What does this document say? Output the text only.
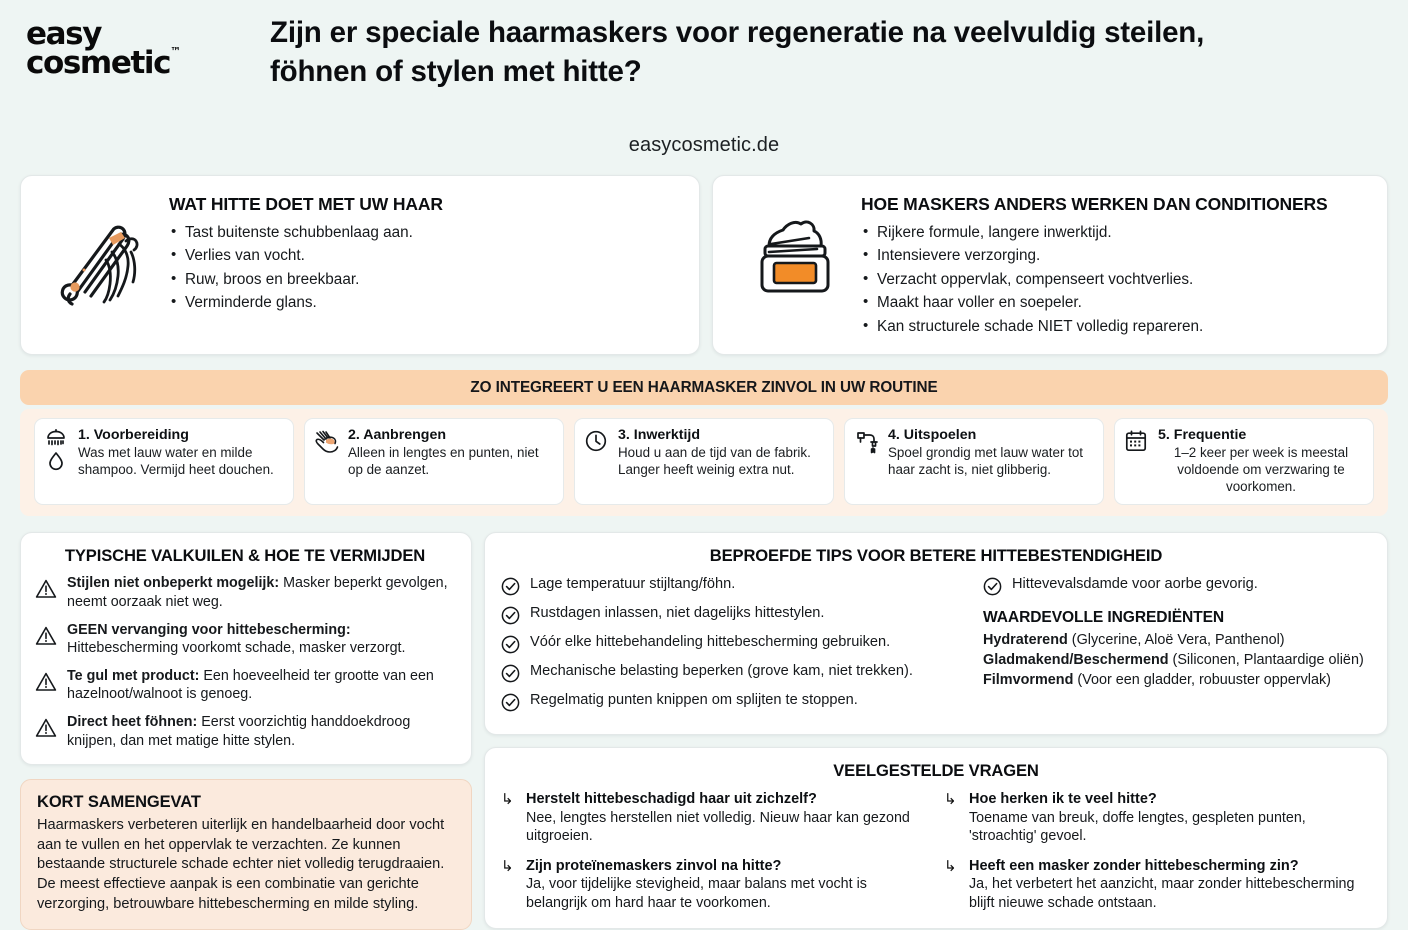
easy
cosmetic™
Zijn er speciale haarmaskers voor regeneratie na veelvuldig steilen, föhnen of stylen met hitte?
easycosmetic.de
WAT HITTE DOET MET UW HAAR
• Tast buitenste schubbenlaag aan.
• Verlies van vocht.
• Ruw, broos en breekbaar.
• Verminderde glans.
HOE MASKERS ANDERS WERKEN DAN CONDITIONERS
• Rijkere formule, langere inwerktijd.
• Intensievere verzorging.
• Verzacht oppervlak, compenseert vochtverlies.
• Maakt haar voller en soepeler.
• Kan structurele schade NIET volledig repareren.
ZO INTEGREERT U EEN HAARMASKER ZINVOL IN UW ROUTINE
1. Voorbereiding
Was met lauw water en milde shampoo. Vermijd heet douchen.
2. Aanbrengen
Alleen in lengtes en punten, niet op de aanzet.
3. Inwerktijd
Houd u aan de tijd van de fabrik. Langer heeft weinig extra nut.
4. Uitspoelen
Spoel grondig met lauw water tot haar zacht is, niet glibberig.
5. Frequentie
1–2 keer per week is meestal voldoende om verzwaring te voorkomen.
TYPISCHE VALKUILEN & HOE TE VERMIJDEN
Stijlen niet onbeperkt mogelijk: Masker beperkt gevolgen, neemt oorzaak niet weg.
GEEN vervanging voor hittebescherming: Hittebescherming voorkomt schade, masker verzorgt.
Te gul met product: Een hoeveelheid ter grootte van een hazelnoot/walnoot is genoeg.
Direct heet föhnen: Eerst voorzichtig handdoekdroog knijpen, dan met matige hitte stylen.
KORT SAMENGEVAT

Haarmaskers verbeteren uiterlijk en handelbaarheid door vocht aan te vullen en het oppervlak te verzachten. Ze kunnen bestaande structurele schade echter niet volledig terugdraaien. De meest effectieve aanpak is een combinatie van gerichte verzorging, betrouwbare hittebescherming en milde styling.

BEPROEFDE TIPS VOOR BETERE HITTEBESTENDIGHEID
Lage temperatuur stijltang/föhn.
Rustdagen inlassen, niet dagelijks hittestylen.
Vóór elke hittebehandeling hittebescherming gebruiken.
Mechanische belasting beperken (grove kam, niet trekken).
Regelmatig punten knippen om splijten te stoppen.
Hittevevalsdamde voor aorbe gevorig.
WAARDEVOLLE INGREDIËNTEN
Hydraterend (Glycerine, Aloë Vera, Panthenol)
Gladmakend/Beschermend (Siliconen, Plantaardige oliën)
Filmvormend (Voor een gladder, robuuster oppervlak)
VEELGESTELDE VRAGEN
↳ Herstelt hittebeschadigd haar uit zichzelf?
Nee, lengtes herstellen niet volledig. Nieuw haar kan gezond uitgroeien.
↳ Zijn proteïnemaskers zinvol na hitte?
Ja, voor tijdelijke stevigheid, maar balans met vocht is belangrijk om hard haar te voorkomen.
↳ Hoe herken ik te veel hitte?
Toename van breuk, doffe lengtes, gespleten punten, 'stroachtig' gevoel.
↳ Heeft een masker zonder hittebescherming zin?
Ja, het verbetert het aanzicht, maar zonder hittebescherming blijft nieuwe schade ontstaan.
